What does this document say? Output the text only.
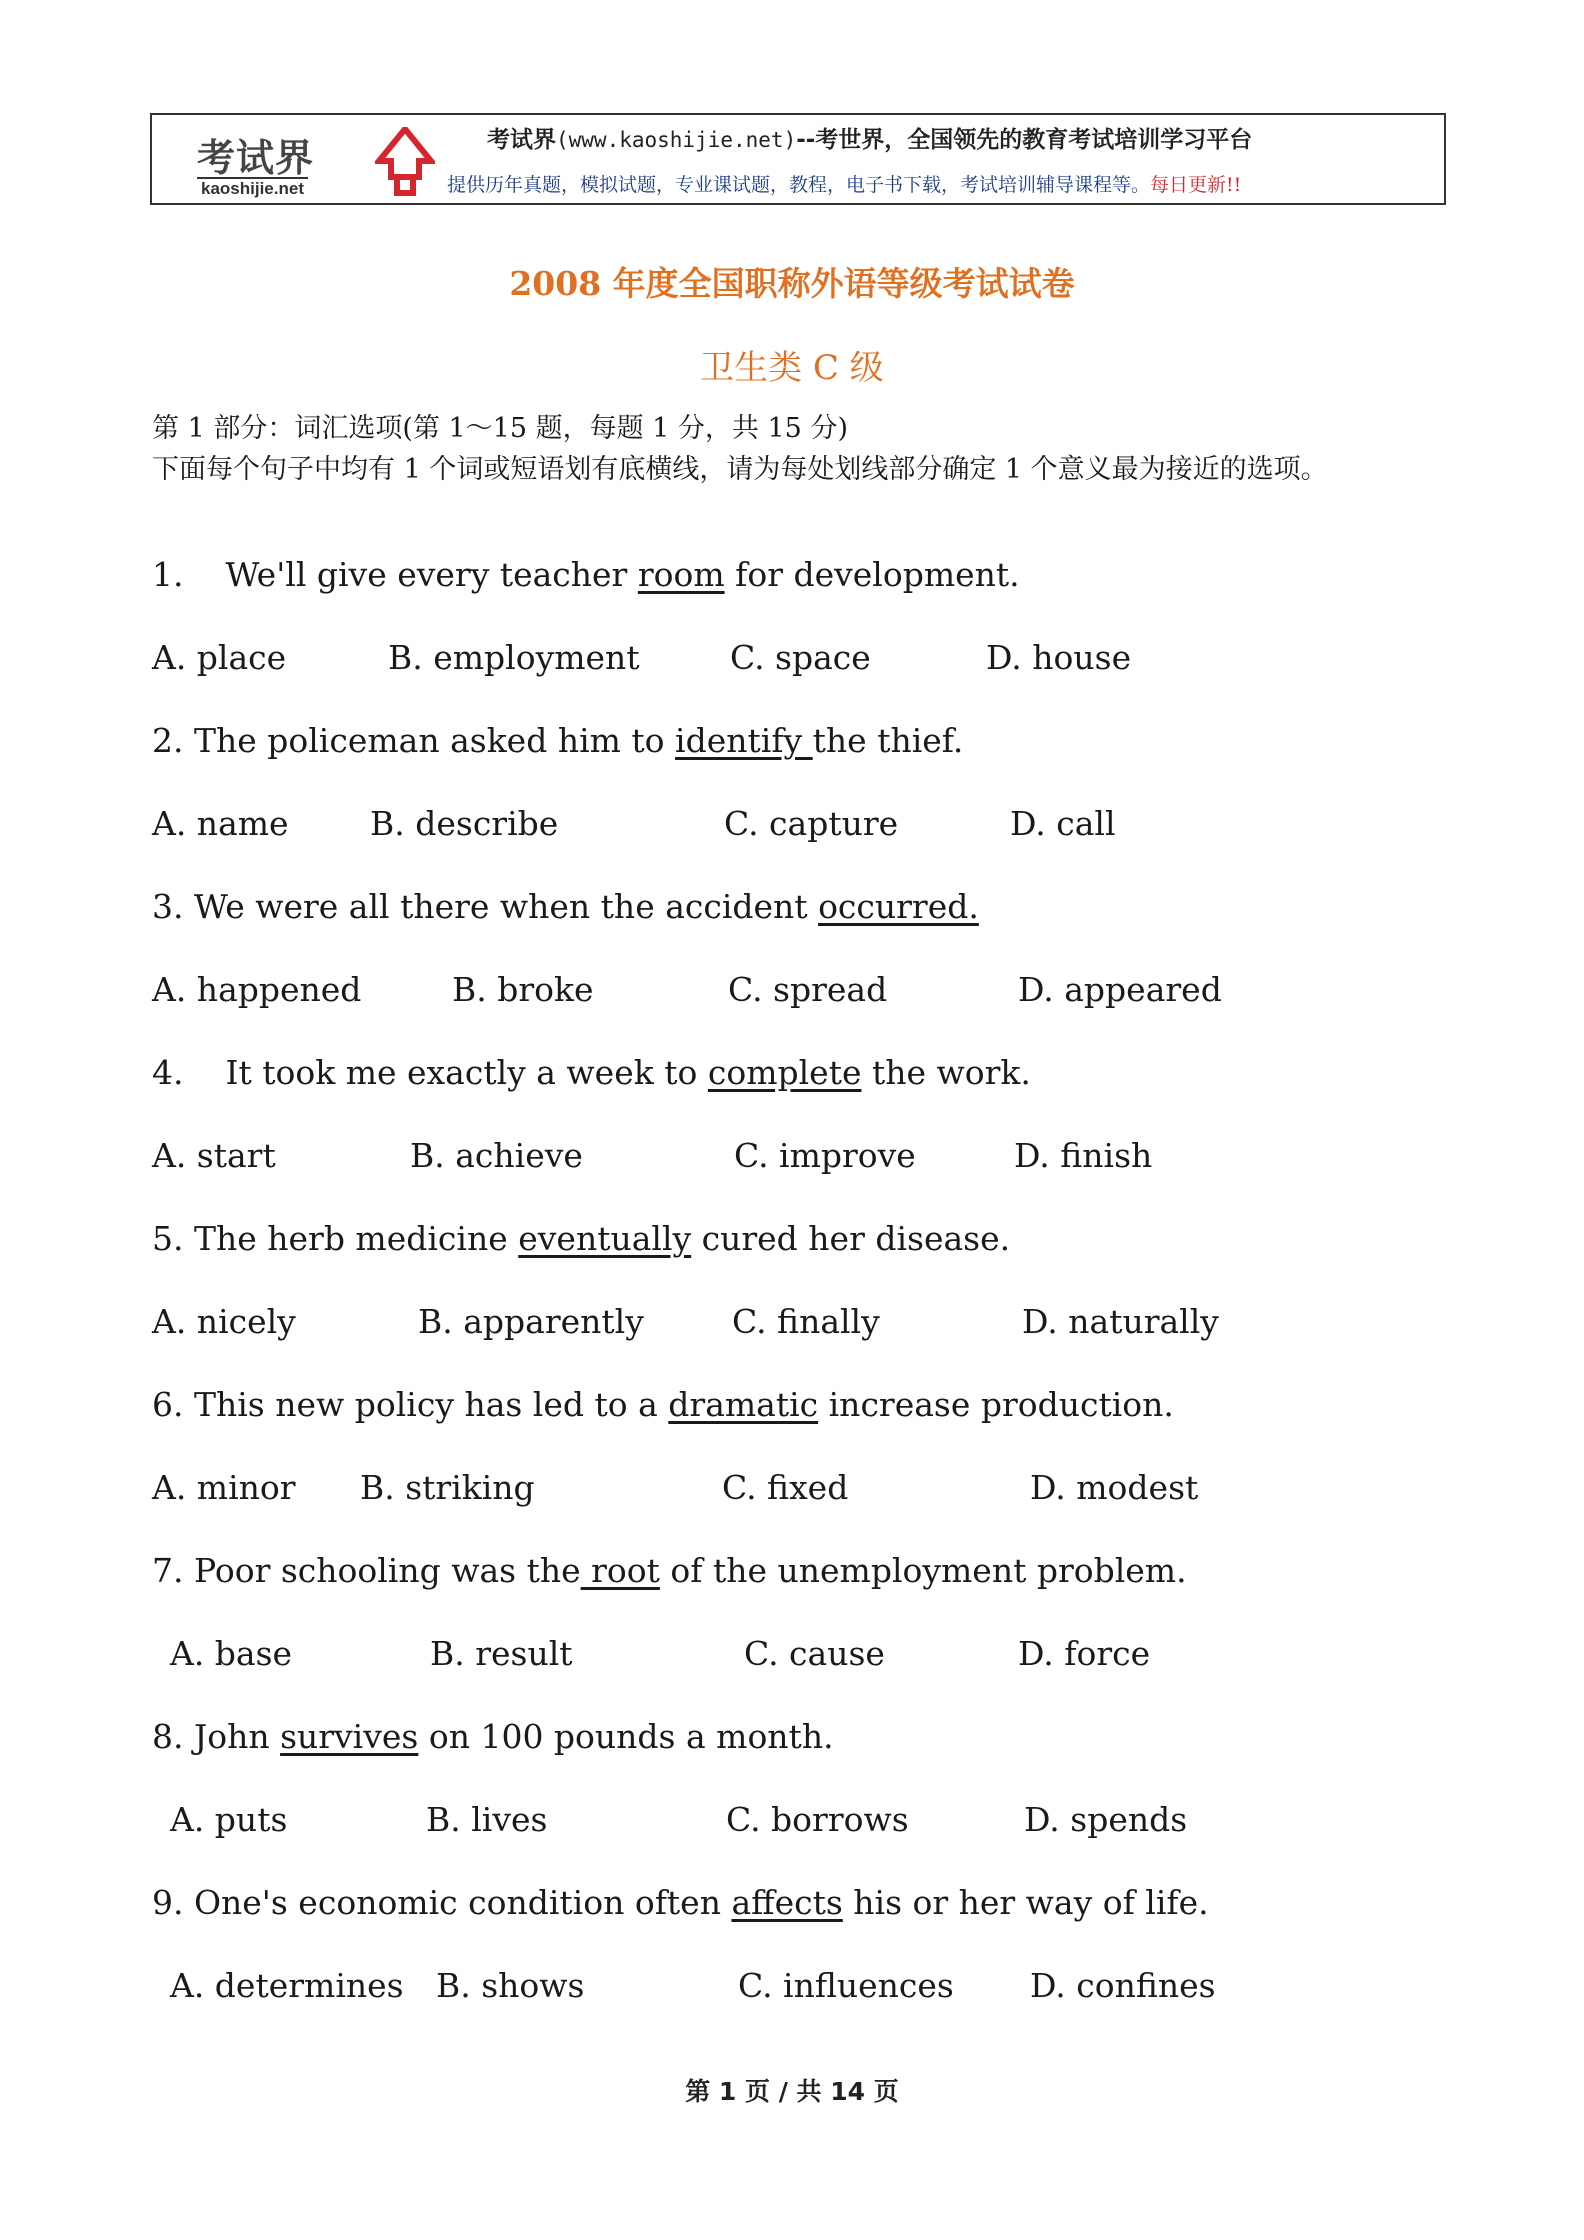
考试界
kaoshijie.net
考试界(www.kaoshijie.net)--考世界，全国领先的教育考试培训学习平台
提供历年真题，模拟试题，专业课试题，教程，电子书下载，考试培训辅导课程等。每日更新!!
2008 年度全国职称外语等级考试试卷
卫生类 C 级
第 1 部分：词汇选项(第 1～15 题，每题 1 分，共 15 分)
下面每个句子中均有 1 个词或短语划有底横线，请为每处划线部分确定 1 个意义最为接近的选项。
1.    We'll give every teacher room for development.
A. place	B. employment	C. space	D. house
2. The policeman asked him to identify the thief.
A. name B. describe	C. capture	D. call
3. We were all there when the accident occurred.
A. happened	B. broke	C. spread	D. appeared
4.    It took me exactly a week to complete the work.
A. start	B. achieve	C. improve	D. finish
5. The herb medicine eventually cured her disease.
A. nicely	B. apparently	C. finally	D. naturally
6. This new policy has led to a dramatic increase production.
A. minor B. striking	C. fixed	D. modest
7. Poor schooling was the root of the unemployment problem.
A. base	B. result	C. cause	D. force
8. John survives on 100 pounds a month.
A. puts	B. lives	C. borrows	D. spends
9. One's economic condition often affects his or her way of life.
A. determines B. shows	C. influences D. confines
第 1 页 / 共 14 页
